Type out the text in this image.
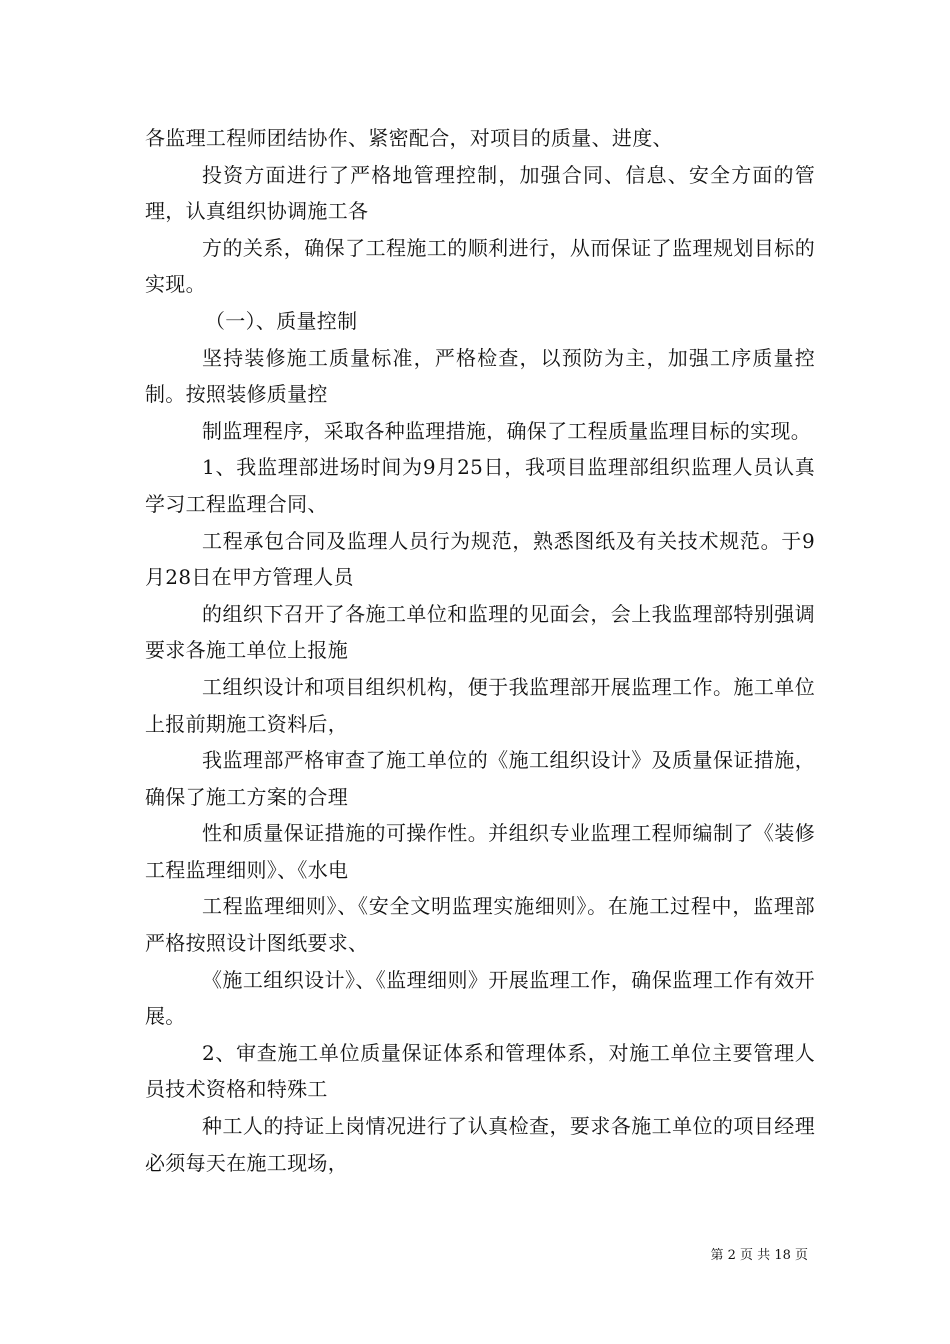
各监理工程师团结协作、紧密配合，对项目的质量、进度、

投资方面进行了严格地管理控制，加强合同、信息、安全方面的管理，认真组织协调施工各

方的关系，确保了工程施工的顺利进行，从而保证了监理规划目标的实现。

（一）、质量控制

坚持装修施工质量标准，严格检查，以预防为主，加强工序质量控制。按照装修质量控

制监理程序，采取各种监理措施，确保了工程质量监理目标的实现。

1、我监理部进场时间为9月25日，我项目监理部组织监理人员认真学习工程监理合同、

工程承包合同及监理人员行为规范，熟悉图纸及有关技术规范。于9月28日在甲方管理人员

的组织下召开了各施工单位和监理的见面会，会上我监理部特别强调要求各施工单位上报施

工组织设计和项目组织机构，便于我监理部开展监理工作。施工单位上报前期施工资料后，

我监理部严格审查了施工单位的《施工组织设计》及质量保证措施，确保了施工方案的合理

性和质量保证措施的可操作性。并组织专业监理工程师编制了《装修工程监理细则》、《水电

工程监理细则》、《安全文明监理实施细则》。在施工过程中，监理部严格按照设计图纸要求、

《施工组织设计》、《监理细则》开展监理工作，确保监理工作有效开展。

2、审查施工单位质量保证体系和管理体系，对施工单位主要管理人员技术资格和特殊工

种工人的持证上岗情况进行了认真检查，要求各施工单位的项目经理必须每天在施工现场，

第 2 页 共 18 页
